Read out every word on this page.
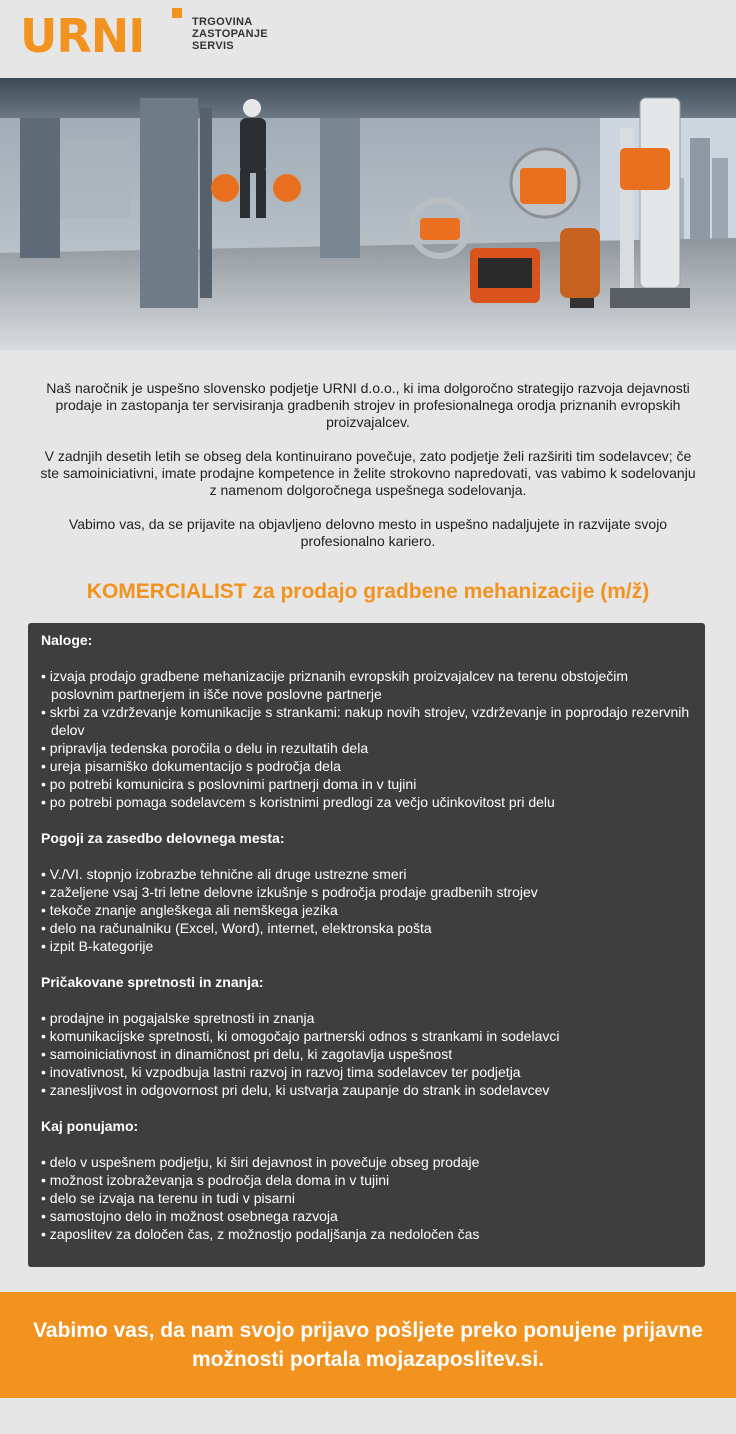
URNI	TRGOVINA
ZASTOPANJE
SERVIS

Naš naročnik je uspešno slovensko podjetje URNI d.o.o., ki ima dolgoročno strategijo razvoja dejavnosti prodaje in zastopanja ter servisiranja gradbenih strojev in profesionalnega orodja priznanih evropskih proizvajalcev.

V zadnjih desetih letih se obseg dela kontinuirano povečuje, zato podjetje želi razširiti tim sodelavcev; če ste samoiniciativni, imate prodajne kompetence in želite strokovno napredovati, vas vabimo k sodelovanju z namenom dolgoročnega uspešnega sodelovanja.

Vabimo vas, da se prijavite na objavljeno delovno mesto in uspešno nadaljujete in razvijate svojo profesionalno kariero.

KOMERCIALIST za prodajo gradbene mehanizacije (m/ž)
Naloge:
• izvaja prodajo gradbene mehanizacije priznanih evropskih proizvajalcev na terenu obstoječim poslovnim partnerjem in išče nove poslovne partnerje
• skrbi za vzdrževanje komunikacije s strankami: nakup novih strojev, vzdrževanje in poprodajo rezervnih delov
• pripravlja tedenska poročila o delu in rezultatih dela
• ureja pisarniško dokumentacijo s področja dela
• po potrebi komunicira s poslovnimi partnerji doma in v tujini
• po potrebi pomaga sodelavcem s koristnimi predlogi za večjo učinkovitost pri delu
Pogoji za zasedbo delovnega mesta:
• V./VI. stopnjo izobrazbe tehnične ali druge ustrezne smeri
• zaželjene vsaj 3-tri letne delovne izkušnje s področja prodaje gradbenih strojev
• tekoče znanje angleškega ali nemškega jezika
• delo na računalniku (Excel, Word), internet, elektronska pošta
• izpit B-kategorije
Pričakovane spretnosti in znanja:
• prodajne in pogajalske spretnosti in znanja
• komunikacijske spretnosti, ki omogočajo partnerski odnos s strankami in sodelavci
• samoiniciativnost in dinamičnost pri delu, ki zagotavlja uspešnost
• inovativnost, ki vzpodbuja lastni razvoj in razvoj tima sodelavcev ter podjetja
• zanesljivost in odgovornost pri delu, ki ustvarja zaupanje do strank in sodelavcev
Kaj ponujamo:
• delo v uspešnem podjetju, ki širi dejavnost in povečuje obseg prodaje
• možnost izobraževanja s področja dela doma in v tujini
• delo se izvaja na terenu in tudi v pisarni
• samostojno delo in možnost osebnega razvoja
• zaposlitev za določen čas, z možnostjo podaljšanja za nedoločen čas
Vabimo vas, da nam svojo prijavo pošljete preko ponujene prijavne možnosti portala mojazaposlitev.si.
